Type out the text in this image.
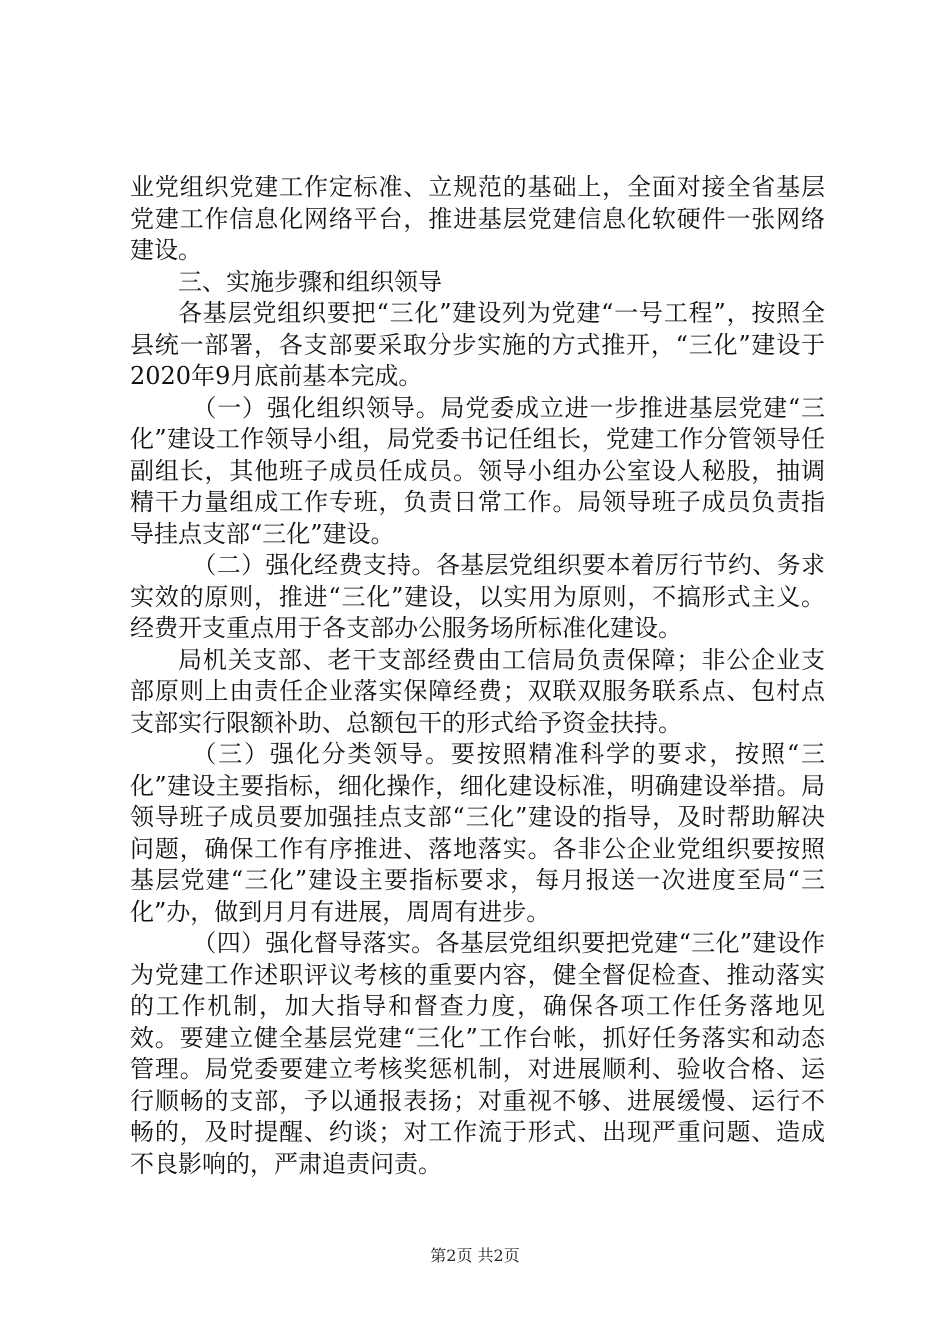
业党组织党建工作定标准、立规范的基础上，全面对接全省基层党建工作信息化网络平台，推进基层党建信息化软硬件一张网络建设。

三、实施步骤和组织领导

各基层党组织要把“三化”建设列为党建“一号工程”，按照全县统一部署，各支部要采取分步实施的方式推开，“三化”建设于2020年9月底前基本完成。

（一）强化组织领导。局党委成立进一步推进基层党建“三化”建设工作领导小组，局党委书记任组长，党建工作分管领导任副组长，其他班子成员任成员。领导小组办公室设人秘股，抽调精干力量组成工作专班，负责日常工作。局领导班子成员负责指导挂点支部“三化”建设。

（二）强化经费支持。各基层党组织要本着厉行节约、务求实效的原则，推进“三化”建设，以实用为原则，不搞形式主义。经费开支重点用于各支部办公服务场所标准化建设。

局机关支部、老干支部经费由工信局负责保障；非公企业支部原则上由责任企业落实保障经费；双联双服务联系点、包村点支部实行限额补助、总额包干的形式给予资金扶持。

（三）强化分类领导。要按照精准科学的要求，按照“三化”建设主要指标，细化操作，细化建设标准，明确建设举措。局领导班子成员要加强挂点支部“三化”建设的指导，及时帮助解决问题，确保工作有序推进、落地落实。各非公企业党组织要按照基层党建“三化”建设主要指标要求，每月报送一次进度至局“三化”办，做到月月有进展，周周有进步。

（四）强化督导落实。各基层党组织要把党建“三化”建设作为党建工作述职评议考核的重要内容，健全督促检查、推动落实的工作机制，加大指导和督查力度，确保各项工作任务落地见效。要建立健全基层党建“三化”工作台帐，抓好任务落实和动态管理。局党委要建立考核奖惩机制，对进展顺利、验收合格、运行顺畅的支部，予以通报表扬；对重视不够、进展缓慢、运行不畅的，及时提醒、约谈；对工作流于形式、出现严重问题、造成不良影响的，严肃追责问责。

第2页 共2页
